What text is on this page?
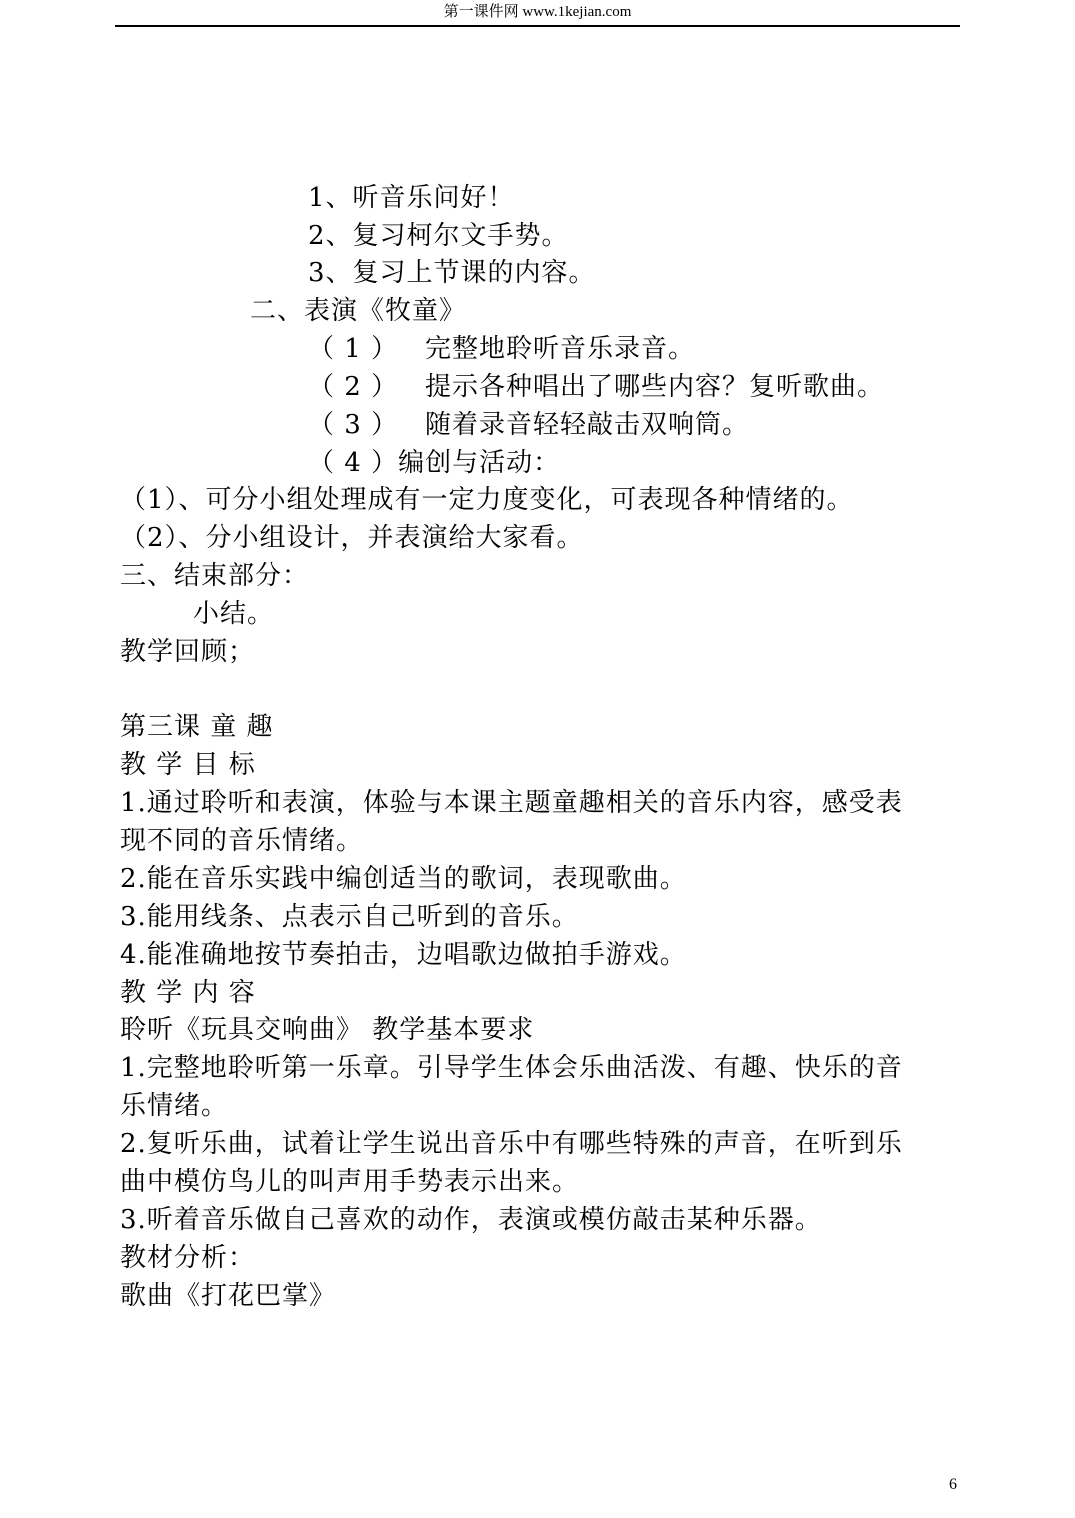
第一课件网 www.1kejian.com
1、听音乐问好！
2、复习柯尔文手势。
3、复习上节课的内容。
二、表演《牧童》
（ 1 ） 完整地聆听音乐录音。
（ 2 ） 提示各种唱出了哪些内容？复听歌曲。
（ 3 ） 随着录音轻轻敲击双响筒。
（ 4 ）编创与活动：
（1）、可分小组处理成有一定力度变化，可表现各种情绪的。
（2）、分小组设计，并表演给大家看。
三、结束部分：
小结。
教学回顾；
第三课 童 趣
教 学 目 标
1.通过聆听和表演，体验与本课主题童趣相关的音乐内容，感受表
现不同的音乐情绪。
2.能在音乐实践中编创适当的歌词，表现歌曲。
3.能用线条、点表示自己听到的音乐。
4.能准确地按节奏拍击，边唱歌边做拍手游戏。
教 学 内 容
聆听《玩具交响曲》 教学基本要求
1.完整地聆听第一乐章。引导学生体会乐曲活泼、有趣、快乐的音
乐情绪。
2.复听乐曲，试着让学生说出音乐中有哪些特殊的声音，在听到乐
曲中模仿鸟儿的叫声用手势表示出来。
3.听着音乐做自己喜欢的动作，表演或模仿敲击某种乐器。
教材分析：
歌曲《打花巴掌》
6
